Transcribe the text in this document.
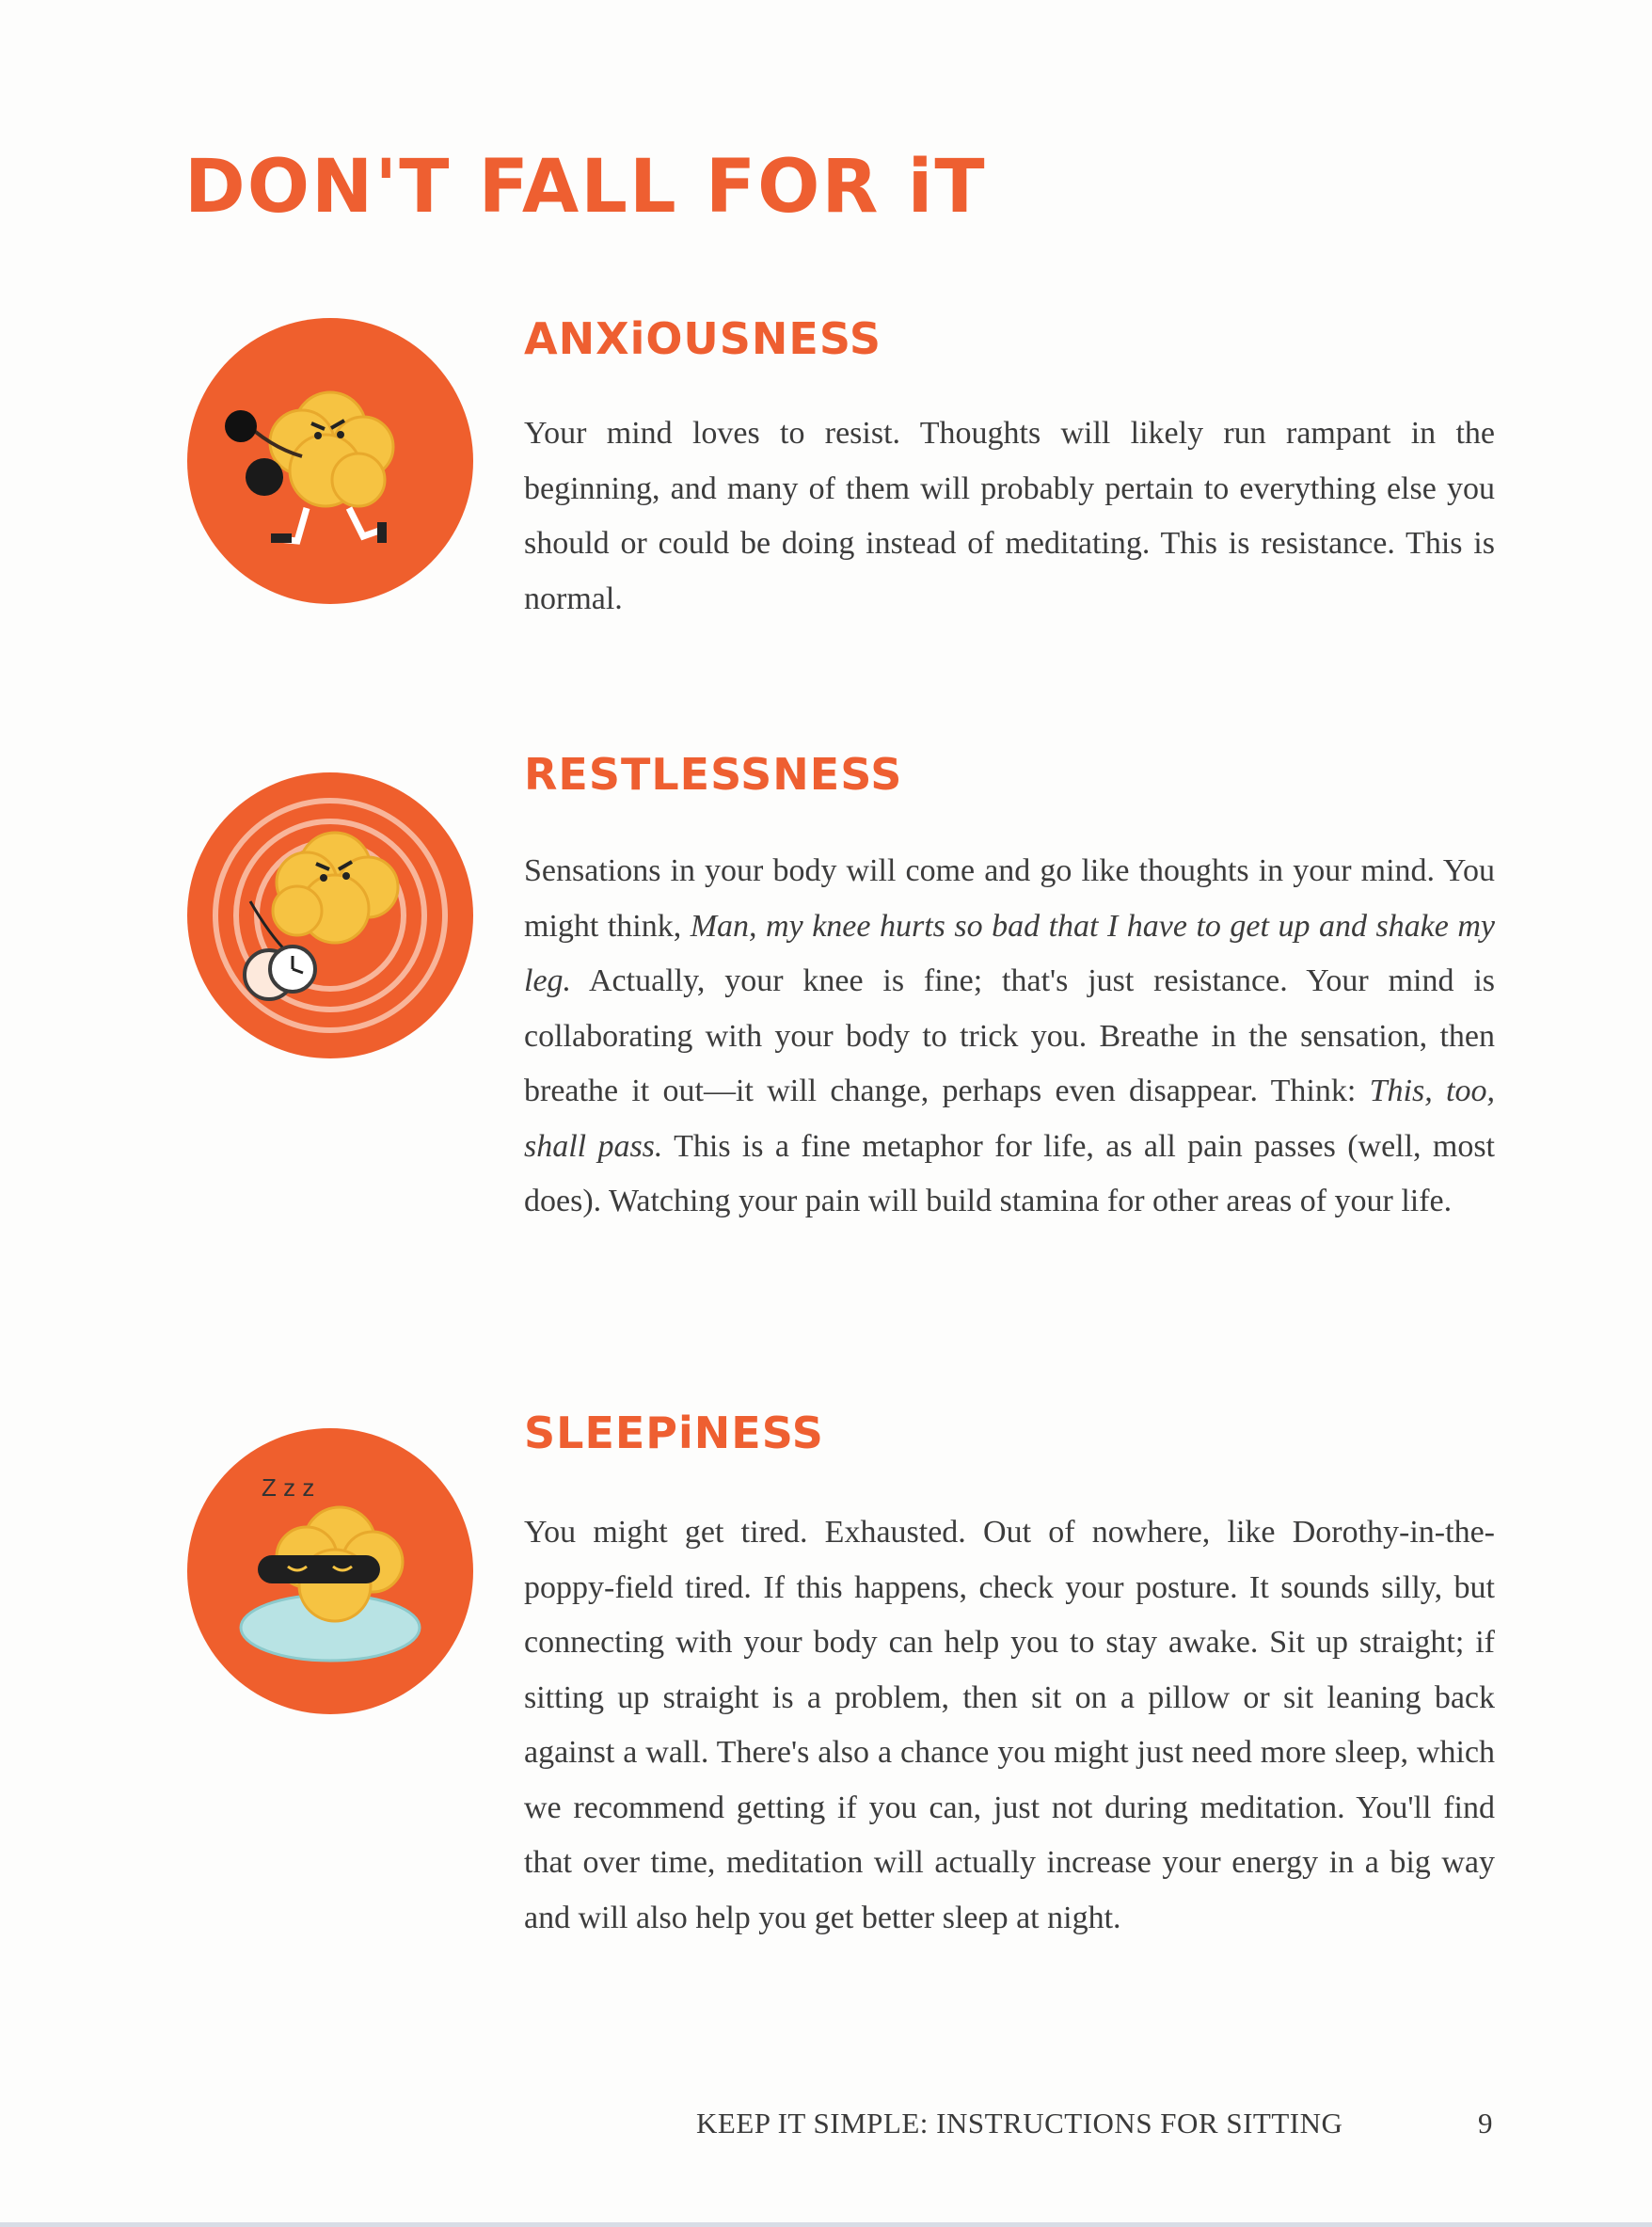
DON'T FALL FOR iT
ANXiOUSNESS

Your mind loves to resist. Thoughts will likely run rampant in the beginning, and many of them will probably pertain to everything else you should or could be doing instead of meditating. This is resistance. This is normal.

RESTLESSNESS

Sensations in your body will come and go like thoughts in your mind. You might think, Man, my knee hurts so bad that I have to get up and shake my leg. Actually, your knee is fine; that's just resistance. Your mind is collaborating with your body to trick you. Breathe in the sensation, then breathe it out—it will change, perhaps even disappear. Think: This, too, shall pass. This is a fine metaphor for life, as all pain passes (well, most does). Watching your pain will build stamina for other areas of your life.

Z z z
SLEEPiNESS

You might get tired. Exhausted. Out of nowhere, like Dorothy-in-the-poppy-field tired. If this happens, check your posture. It sounds silly, but connecting with your body can help you to stay awake. Sit up straight; if sitting up straight is a problem, then sit on a pillow or sit leaning back against a wall. There's also a chance you might just need more sleep, which we recommend getting if you can, just not during meditation. You'll find that over time, meditation will actually increase your energy in a big way and will also help you get better sleep at night.

KEEP IT SIMPLE: INSTRUCTIONS FOR SITTING	9
